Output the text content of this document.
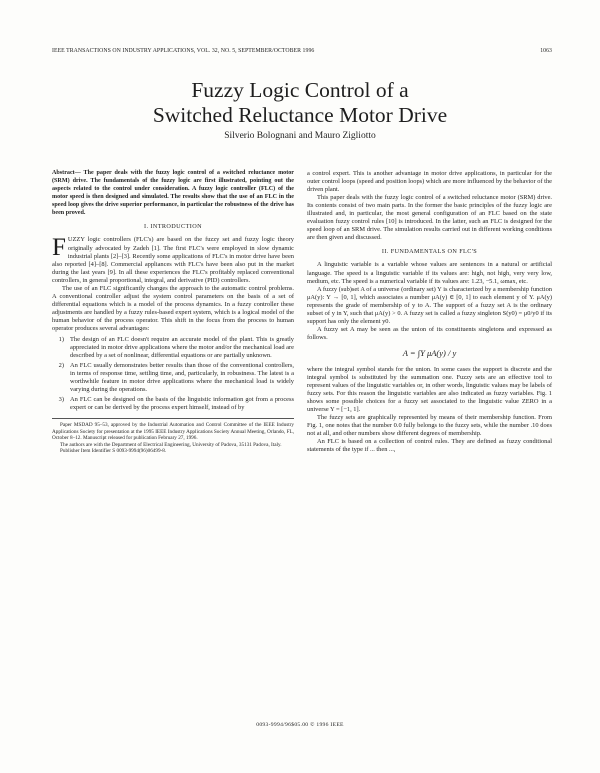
IEEE TRANSACTIONS ON INDUSTRY APPLICATIONS, VOL. 32, NO. 5, SEPTEMBER/OCTOBER 1996	1063
Fuzzy Logic Control of a
Switched Reluctance Motor Drive
Silverio Bolognani and Mauro Zigliotto
Abstract— The paper deals with the fuzzy logic control of a switched reluctance motor (SRM) drive. The fundamentals of the fuzzy logic are first illustrated, pointing out the aspects related to the control under consideration. A fuzzy logic controller (FLC) of the motor speed is then designed and simulated. The results show that the use of an FLC in the speed loop gives the drive superior performance, in particular the robustness of the drive has been proved.
I. INTRODUCTION

FUZZY logic controllers (FLC's) are based on the fuzzy set and fuzzy logic theory originally advocated by Zadeh [1]. The first FLC's were employed in slow dynamic industrial plants [2]–[3]. Recently some applications of FLC's in motor drive have been also reported [4]–[8]. Commercial appliances with FLC's have been also put in the market during the last years [9]. In all these experiences the FLC's profitably replaced conventional controllers, in general proportional, integral, and derivative (PID) controllers.

The use of an FLC significantly changes the approach to the automatic control problems. A conventional controller adjust the system control parameters on the basis of a set of differential equations which is a model of the process dynamics. In a fuzzy controller these adjustments are handled by a fuzzy rules-based expert system, which is a logical model of the human behavior of the process operator. This shift in the focus from the process to human operator produces several advantages:

1) The design of an FLC doesn't require an accurate model of the plant. This is greatly appreciated in motor drive applications where the motor and/or the mechanical load are described by a set of nonlinear, differential equations or are partially unknown.
2) An FLC usually demonstrates better results than those of the conventional controllers, in terms of response time, settling time, and, particularly, in robustness. The latest is a worthwhile feature in motor drive applications where the mechanical load is widely varying during the operations.
3) An FLC can be designed on the basis of the linguistic information got from a process expert or can be derived by the process expert himself, instead of by

Paper MSDAD 95–53, approved by the Industrial Automation and Control Committee of the IEEE Industry Applications Society for presentation at the 1995 IEEE Industry Applications Society Annual Meeting, Orlando, FL, October 8–12. Manuscript released for publication February 27, 1996.

The authors are with the Department of Electrical Engineering, University of Padova, 35131 Padova, Italy.

Publisher Item Identifier S 0093-9994(96)06499-8.

a control expert. This is another advantage in motor drive applications, in particular for the outer control loops (speed and position loops) which are more influenced by the behavior of the driven plant.

This paper deals with the fuzzy logic control of a switched reluctance motor (SRM) drive. Its contents consist of two main parts. In the former the basic principles of the fuzzy logic are illustrated and, in particular, the most general configuration of an FLC based on the state evaluation fuzzy control rules [10] is introduced. In the latter, such an FLC is designed for the speed loop of an SRM drive. The simulation results carried out in different working conditions are then given and discussed.

II. FUNDAMENTALS ON FLC'S

A linguistic variable is a variable whose values are sentences in a natural or artificial language. The speed is a linguistic variable if its values are: high, not high, very very low, medium, etc. The speed is a numerical variable if its values are: 1.23, −5.1, ωmax, etc.

A fuzzy (sub)set A of a universe (ordinary set) Y is characterized by a membership function μA(y): Y → [0, 1], which associates a number μA(y) ∈ [0, 1] to each element y of Y. μA(y) represents the grade of membership of y to A. The support of a fuzzy set A is the ordinary subset of y in Y, such that μA(y) > 0. A fuzzy set is called a fuzzy singleton S(y0) = μ0/y0 if its support has only the element y0.

A fuzzy set A may be seen as the union of its constituents singletons and expressed as follows.

A = ∫Y μA(y) / y

where the integral symbol stands for the union. In some cases the support is discrete and the integral symbol is substituted by the summation one. Fuzzy sets are an effective tool to represent values of the linguistic variables or, in other words, linguistic values may be labels of fuzzy sets. For this reason the linguistic variables are also indicated as fuzzy variables. Fig. 1 shows some possible choices for a fuzzy set associated to the linguistic value ZERO in a universe Y = [−1, 1].

The fuzzy sets are graphically represented by means of their membership function. From Fig. 1, one notes that the number 0.0 fully belongs to the fuzzy sets, while the number .10 does not at all, and other numbers show different degrees of membership.

An FLC is based on a collection of control rules. They are defined as fuzzy conditional statements of the type if ... then ...,

0093-9994/96$05.00 © 1996 IEEE
